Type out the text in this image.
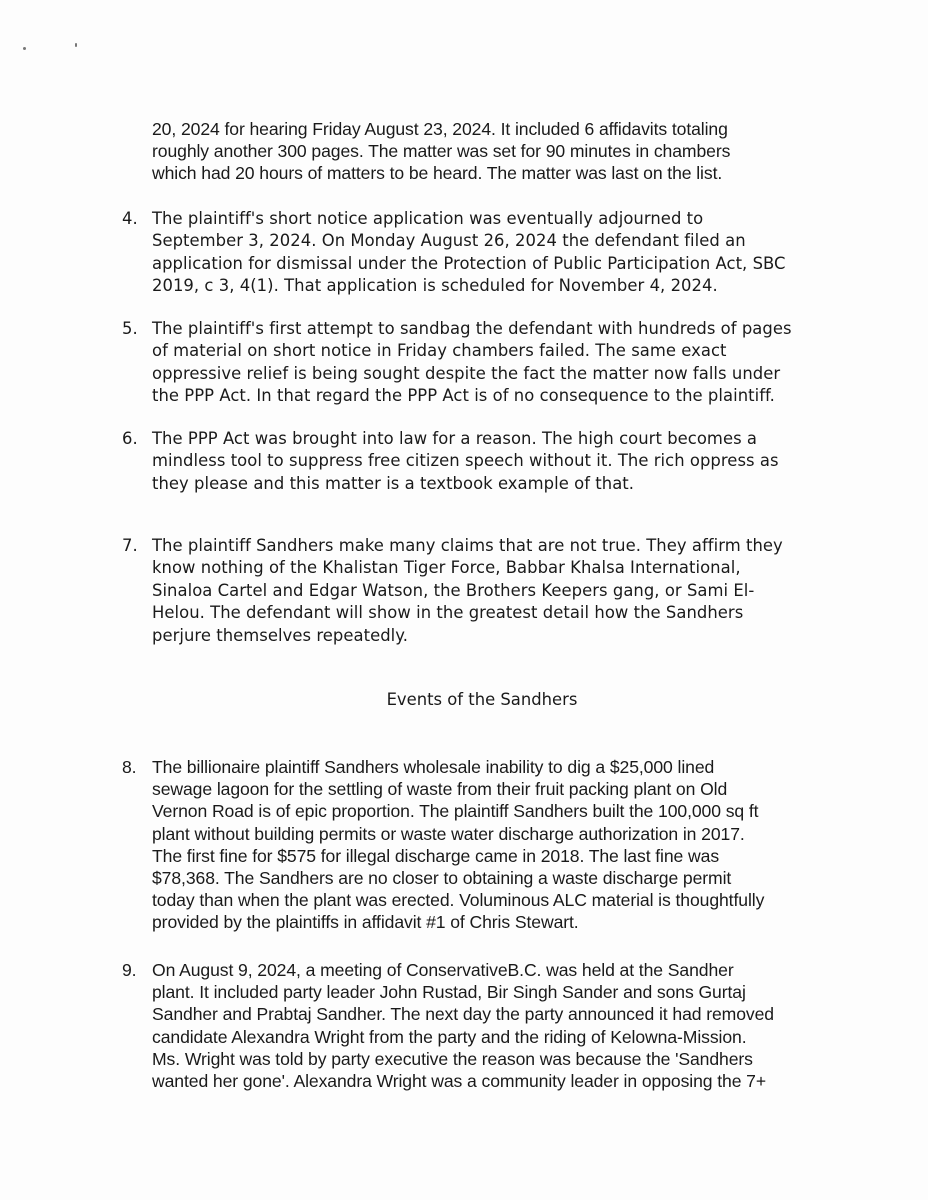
20, 2024 for hearing Friday August 23, 2024. It included 6 affidavits totaling
roughly another 300 pages. The matter was set for 90 minutes in chambers
which had 20 hours of matters to be heard. The matter was last on the list.
4. The plaintiff's short notice application was eventually adjourned to
September 3, 2024. On Monday August 26, 2024 the defendant filed an
application for dismissal under the Protection of Public Participation Act, SBC
2019, c 3, 4(1). That application is scheduled for November 4, 2024.
5. The plaintiff's first attempt to sandbag the defendant with hundreds of pages
of material on short notice in Friday chambers failed. The same exact
oppressive relief is being sought despite the fact the matter now falls under
the PPP Act. In that regard the PPP Act is of no consequence to the plaintiff.
6. The PPP Act was brought into law for a reason. The high court becomes a
mindless tool to suppress free citizen speech without it. The rich oppress as
they please and this matter is a textbook example of that.
7. The plaintiff Sandhers make many claims that are not true. They affirm they
know nothing of the Khalistan Tiger Force, Babbar Khalsa International,
Sinaloa Cartel and Edgar Watson, the Brothers Keepers gang, or Sami El-
Helou. The defendant will show in the greatest detail how the Sandhers
perjure themselves repeatedly.
Events of the Sandhers
8. The billionaire plaintiff Sandhers wholesale inability to dig a $25,000 lined
sewage lagoon for the settling of waste from their fruit packing plant on Old
Vernon Road is of epic proportion. The plaintiff Sandhers built the 100,000 sq ft
plant without building permits or waste water discharge authorization in 2017.
The first fine for $575 for illegal discharge came in 2018. The last fine was
$78,368. The Sandhers are no closer to obtaining a waste discharge permit
today than when the plant was erected. Voluminous ALC material is thoughtfully
provided by the plaintiffs in affidavit #1 of Chris Stewart.
9. On August 9, 2024, a meeting of ConservativeB.C. was held at the Sandher
plant. It included party leader John Rustad, Bir Singh Sander and sons Gurtaj
Sandher and Prabtaj Sandher. The next day the party announced it had removed
candidate Alexandra Wright from the party and the riding of Kelowna-Mission.
Ms. Wright was told by party executive the reason was because the 'Sandhers
wanted her gone'. Alexandra Wright was a community leader in opposing the 7+
